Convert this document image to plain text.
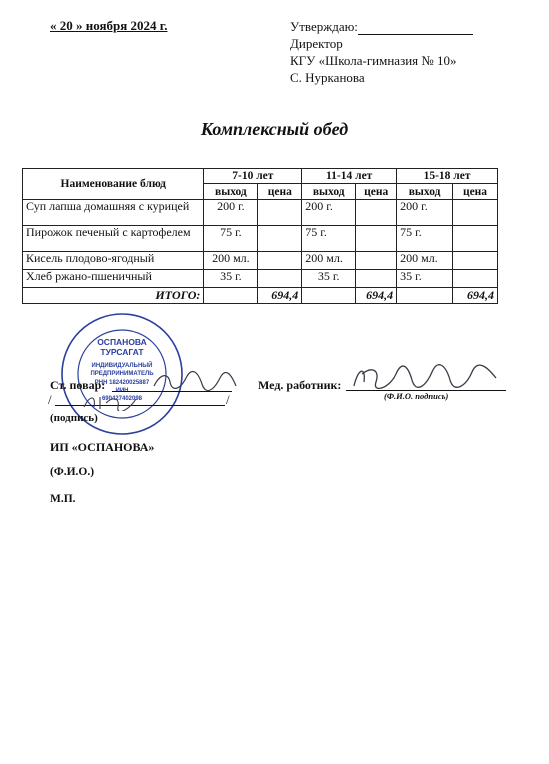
« 20 » ноября 2024 г.	Утверждаю:
Директор
КГУ «Школа-гимназия № 10»
С. Нурканова
Комплексный обед
Наименование блюд	7-10 лет		11-14 лет		15-18 лет	
	выход	цена	выход	цена	выход	цена
Суп лапша домашняя с курицей	200 г.		200 г.		200 г.	
Пирожок печеный с картофелем	75 г.		75 г.		75 г.	
Кисель плодово-ягодный	200 мл.		200 мл.		200 мл.	
Хлеб ржано-пшеничный	35 г.		35 г.		35 г.	
ИТОГО:		694,4		694,4		694,4
ОСПАНОВА
ТУРСАГАТ
ИНДИВИДУАЛЬНЫЙ
ПРЕДПРИНИМАТЕЛЬ
РНН 182420025887
ИИН
690427402098
Ст. повар:	Мед. работник:
(Ф.И.О. подпись)
/	/
(подпись)
ИП «ОСПАНОВА»
(Ф.И.О.)
М.П.
